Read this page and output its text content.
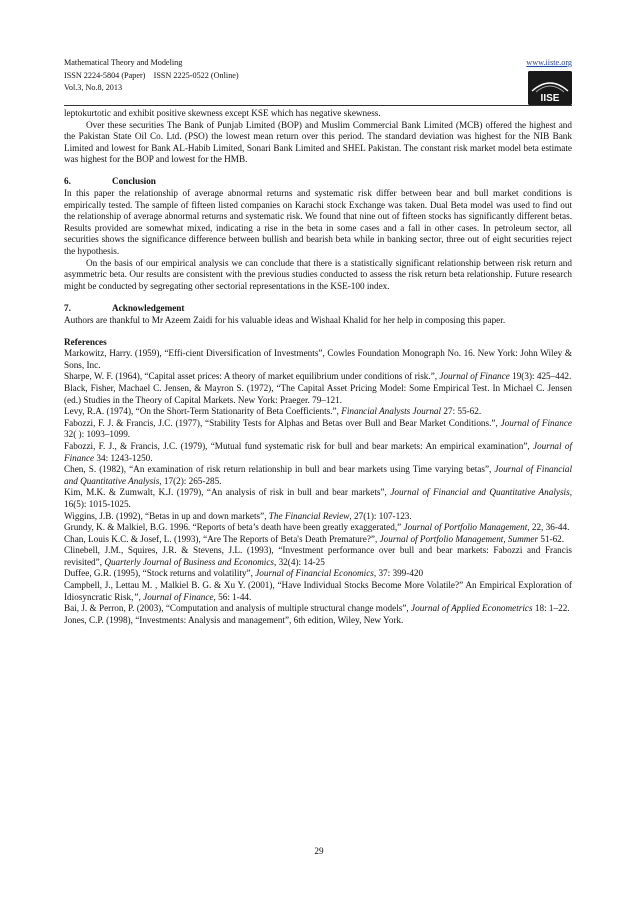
Mathematical Theory and Modeling	www.iiste.org
ISSN 2224-5804 (Paper)    ISSN 2225-0522 (Online)
Vol.3, No.8, 2013
IISE

leptokurtotic and exhibit positive skewness except KSE which has negative skewness.

Over these securities The Bank of Punjab Limited (BOP) and Muslim Commercial Bank Limited (MCB) offered the highest and the Pakistan State Oil Co. Ltd. (PSO) the lowest mean return over this period. The standard deviation was highest for the NIB Bank Limited and lowest for Bank AL-Habib Limited, Sonari Bank Limited and SHEL Pakistan. The constant risk market model beta estimate was highest for the BOP and lowest for the HMB.

6.	Conclusion

In this paper the relationship of average abnormal returns and systematic risk differ between bear and bull market conditions is empirically tested. The sample of fifteen listed companies on Karachi stock Exchange was taken. Dual Beta model was used to find out the relationship of average abnormal returns and systematic risk. We found that nine out of fifteen stocks has significantly different betas. Results provided are somewhat mixed, indicating a rise in the beta in some cases and a fall in other cases. In petroleum sector, all securities shows the significance difference between bullish and bearish beta while in banking sector, three out of eight securities reject the hypothesis.

On the basis of our empirical analysis we can conclude that there is a statistically significant relationship between risk return and asymmetric beta. Our results are consistent with the previous studies conducted to assess the risk return beta relationship. Future research might be conducted by segregating other sectorial representations in the KSE-100 index.

7.	Acknowledgement

Authors are thankful to Mr Azeem Zaidi for his valuable ideas and Wishaal Khalid for her help in composing this paper.

References

Markowitz, Harry. (1959), “Effi-cient Diversification of Investments”, Cowles Foundation Monograph No. 16. New York: John Wiley & Sons, Inc.

Sharpe, W. F. (1964), “Capital asset prices: A theory of market equilibrium under conditions of risk.”, Journal of Finance 19(3): 425–442.

Black, Fisher, Machael C. Jensen, & Mayron S. (1972), “The Capital Asset Pricing Model: Some Empirical Test. In Michael C. Jensen (ed.) Studies in the Theory of Capital Markets. New York: Praeger. 79–121.

Levy, R.A. (1974), “On the Short-Term Stationarity of Beta Coefficients.”, Financial Analysts Journal 27: 55-62.

Fabozzi, F. J. & Francis, J.C. (1977), “Stability Tests for Alphas and Betas over Bull and Bear Market Conditions.”, Journal of Finance 32( ): 1093–1099.

Fabozzi, F. J., & Francis, J.C. (1979), “Mutual fund systematic risk for bull and bear markets: An empirical examination”, Journal of Finance 34: 1243-1250.

Chen, S. (1982), “An examination of risk return relationship in bull and bear markets using Time varying betas”, Journal of Financial and Quantitative Analysis, 17(2): 265-285.

Kim, M.K. & Zumwalt, K.J. (1979), “An analysis of risk in bull and bear markets”, Journal of Financial and Quantitative Analysis, 16(5): 1015-1025.

Wiggins, J.B. (1992), “Betas in up and down markets”, The Financial Review, 27(1): 107-123.

Grundy, K. & Malkiel, B.G. 1996. “Reports of beta’s death have been greatly exaggerated,” Journal of Portfolio Management, 22, 36-44.

Chan, Louis K.C. & Josef, L. (1993), “Are The Reports of Beta's Death Premature?”, Journal of Portfolio Management, Summer 51-62.

Clinebell, J.M., Squires, J.R. & Stevens, J.L. (1993), “Investment performance over bull and bear markets: Fabozzi and Francis revisited”, Quarterly Journal of Business and Economics, 32(4): 14-25

Duffee, G.R. (1995), “Stock returns and volatility”, Journal of Financial Economics, 37: 399-420

Campbell, J., Lettau M. , Malkiel B. G. & Xu Y. (2001), “Have Individual Stocks Become More Volatile?” An Empirical Exploration of Idiosyncratic Risk,”, Journal of Finance, 56: 1-44.

Bai, J. & Perron, P. (2003), “Computation and analysis of multiple structural change models”, Journal of Applied Econometrics 18: 1–22.

Jones, C.P. (1998), “Investments: Analysis and management”, 6th edition, Wiley, New York.

29
